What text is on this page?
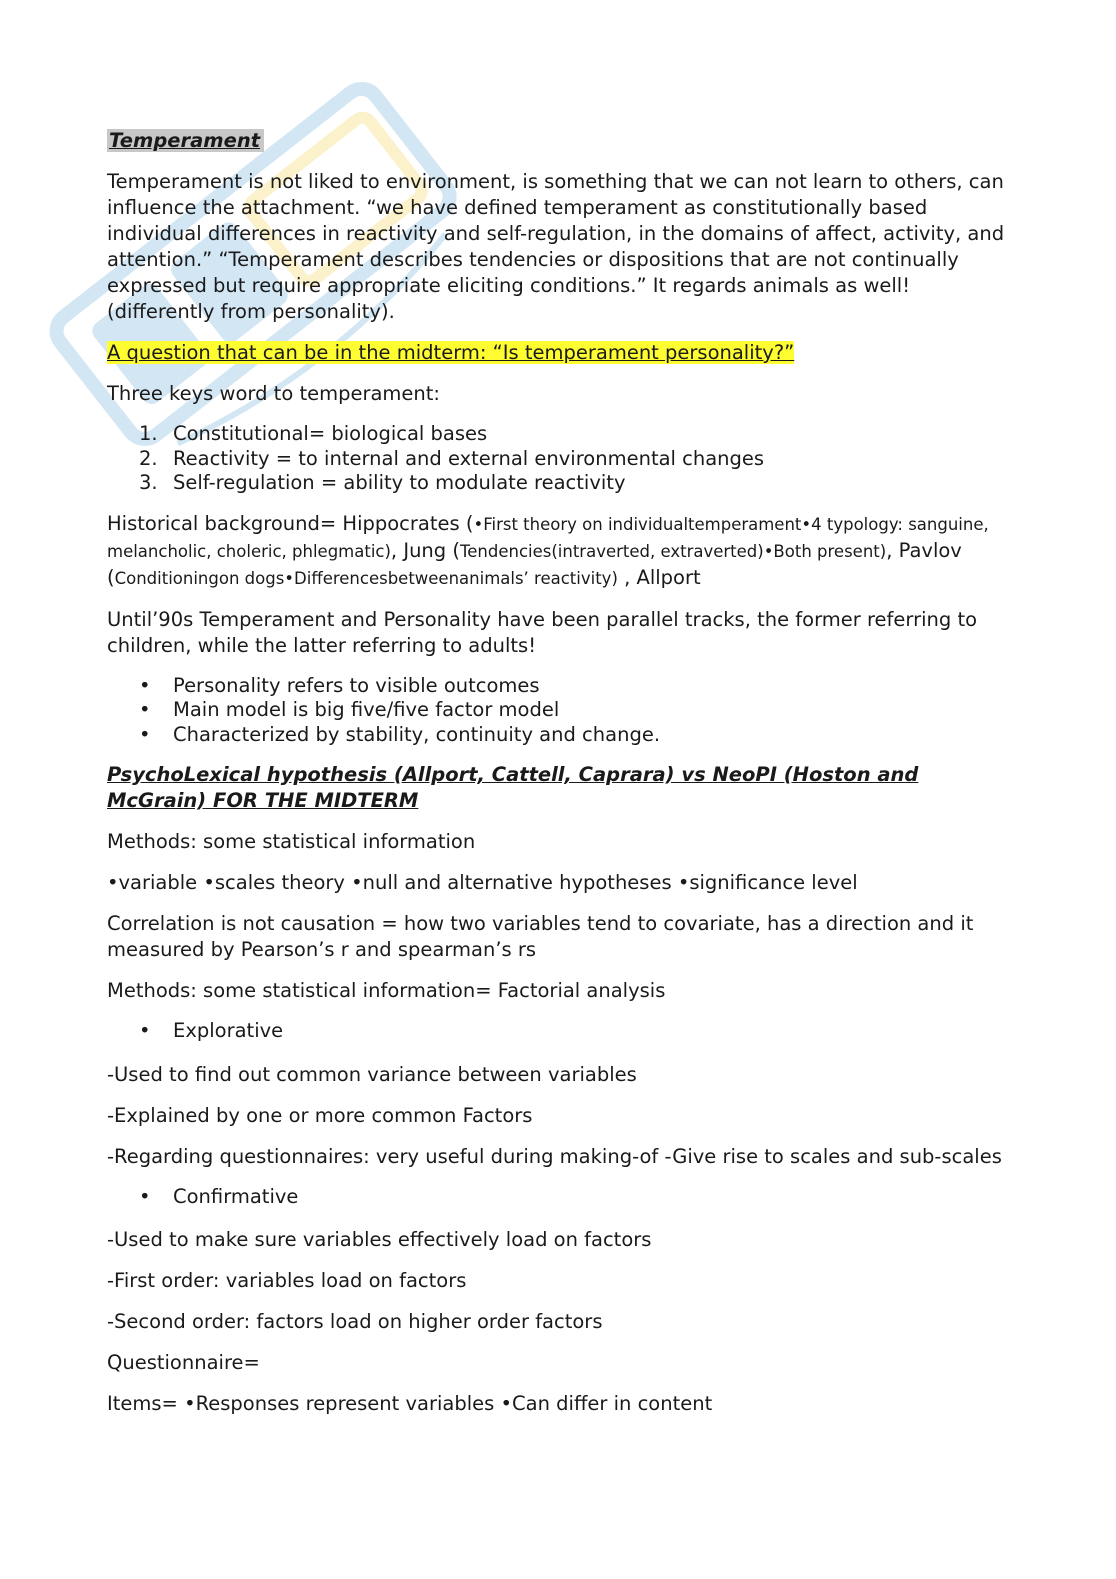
Temperament

Temperament is not liked to environment, is something that we can not learn to others, can influence the attachment. “we have defined temperament as constitutionally based individual differences in reactivity and self-regulation, in the domains of affect, activity, and attention.” “Temperament describes tendencies or dispositions that are not continually expressed but require appropriate eliciting conditions.” It regards animals as well! (differently from personality).

A question that can be in the midterm: “Is temperament personality?”

Three keys word to temperament:

1. Constitutional= biological bases
2. Reactivity = to internal and external environmental changes
3. Self-regulation = ability to modulate reactivity

Historical background= Hippocrates (•First theory on individualtemperament•4 typology: sanguine, melancholic, choleric, phlegmatic), Jung (Tendencies(intraverted, extraverted)•Both present), Pavlov (Conditioningon dogs•Differencesbetweenanimals’ reactivity) , Allport

Until’90s Temperament and Personality have been parallel tracks, the former referring to children, while the latter referring to adults!

• Personality refers to visible outcomes
• Main model is big five/five factor model
• Characterized by stability, continuity and change.
PsychoLexical hypothesis (Allport, Cattell, Caprara) vs NeoPI (Hoston and McGrain) FOR THE MIDTERM

Methods: some statistical information

•variable •scales theory •null and alternative hypotheses •significance level

Correlation is not causation = how two variables tend to covariate, has a direction and it measured by Pearson’s r and spearman’s rs

Methods: some statistical information= Factorial analysis

• Explorative

-Used to find out common variance between variables

-Explained by one or more common Factors

-Regarding questionnaires: very useful during making-of -Give rise to scales and sub-scales

• Confirmative

-Used to make sure variables effectively load on factors

-First order: variables load on factors

-Second order: factors load on higher order factors

Questionnaire=

Items= •Responses represent variables •Can differ in content
